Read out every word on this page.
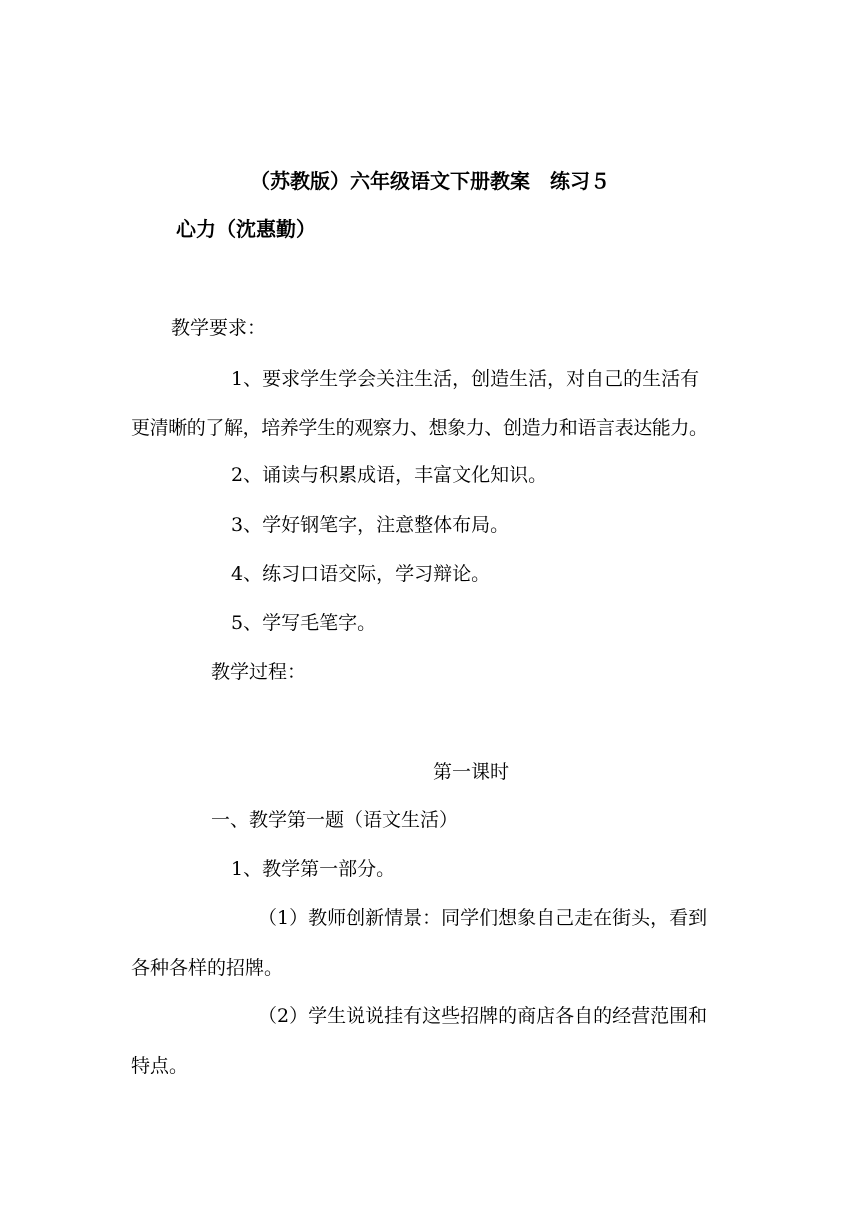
（苏教版）六年级语文下册教案　练习５

心力（沈惠勤）

教学要求：

1、要求学生学会关注生活，创造生活，对自己的生活有

更清晰的了解，培养学生的观察力、想象力、创造力和语言表达能力。

2、诵读与积累成语，丰富文化知识。

3、学好钢笔字，注意整体布局。

4、练习口语交际，学习辩论。

5、学写毛笔字。

教学过程：

第一课时

一、教学第一题（语文生活）

1、教学第一部分。

（1）教师创新情景：同学们想象自己走在街头，看到

各种各样的招牌。

（2）学生说说挂有这些招牌的商店各自的经营范围和

特点。
